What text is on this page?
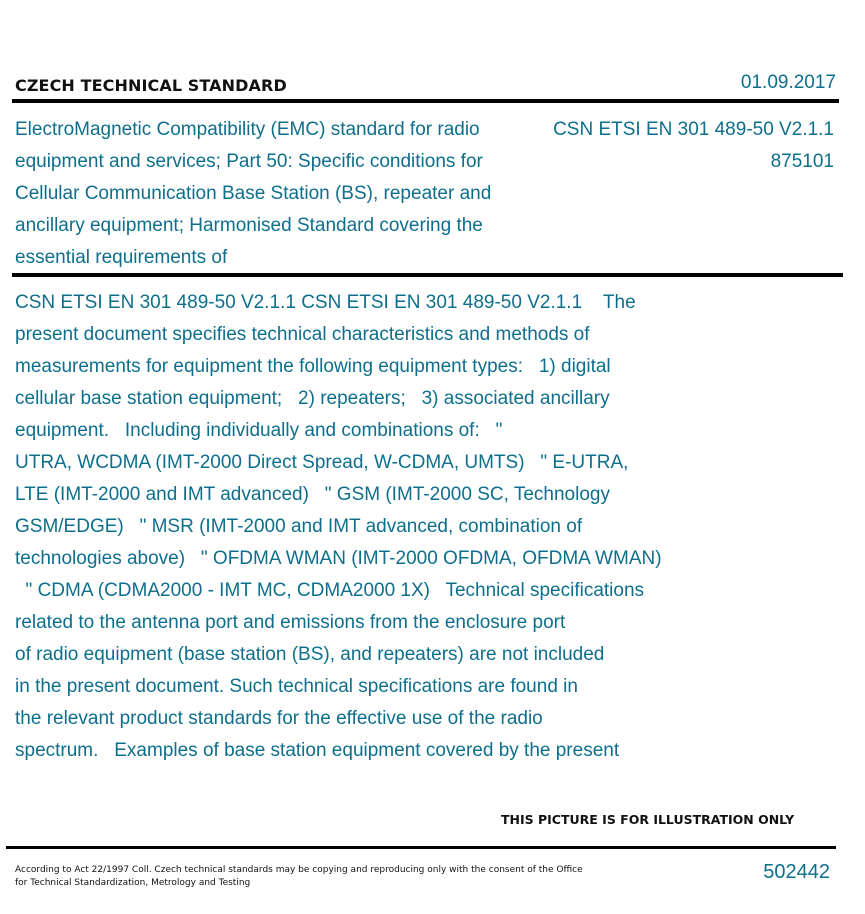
CZECH TECHNICAL STANDARD	01.09.2017
ElectroMagnetic Compatibility (EMC) standard for radio equipment and services; Part 50: Specific conditions for Cellular Communication Base Station (BS), repeater and ancillary equipment; Harmonised Standard covering the essential requirements of
CSN ETSI EN 301 489-50 V2.1.1
875101
CSN ETSI EN 301 489-50 V2.1.1 CSN ETSI EN 301 489-50 V2.1.1    The
present document specifies technical characteristics and methods of
measurements for equipment the following equipment types:   1) digital
cellular base station equipment;   2) repeaters;   3) associated ancillary
equipment.   Including individually and combinations of:   "
UTRA, WCDMA (IMT-2000 Direct Spread, W-CDMA, UMTS)   " E-UTRA,
LTE (IMT-2000 and IMT advanced)   " GSM (IMT-2000 SC, Technology
GSM/EDGE)   " MSR (IMT-2000 and IMT advanced, combination of
technologies above)   " OFDMA WMAN (IMT-2000 OFDMA, OFDMA WMAN)
" CDMA (CDMA2000 - IMT MC, CDMA2000 1X)   Technical specifications
related to the antenna port and emissions from the enclosure port
of radio equipment (base station (BS), and repeaters) are not included
in the present document. Such technical specifications are found in
the relevant product standards for the effective use of the radio
spectrum.   Examples of base station equipment covered by the present
THIS PICTURE IS FOR ILLUSTRATION ONLY
According to Act 22/1997 Coll. Czech technical standards may be copying and reproducing only with the consent of the Office
for Technical Standardization, Metrology and Testing	502442
